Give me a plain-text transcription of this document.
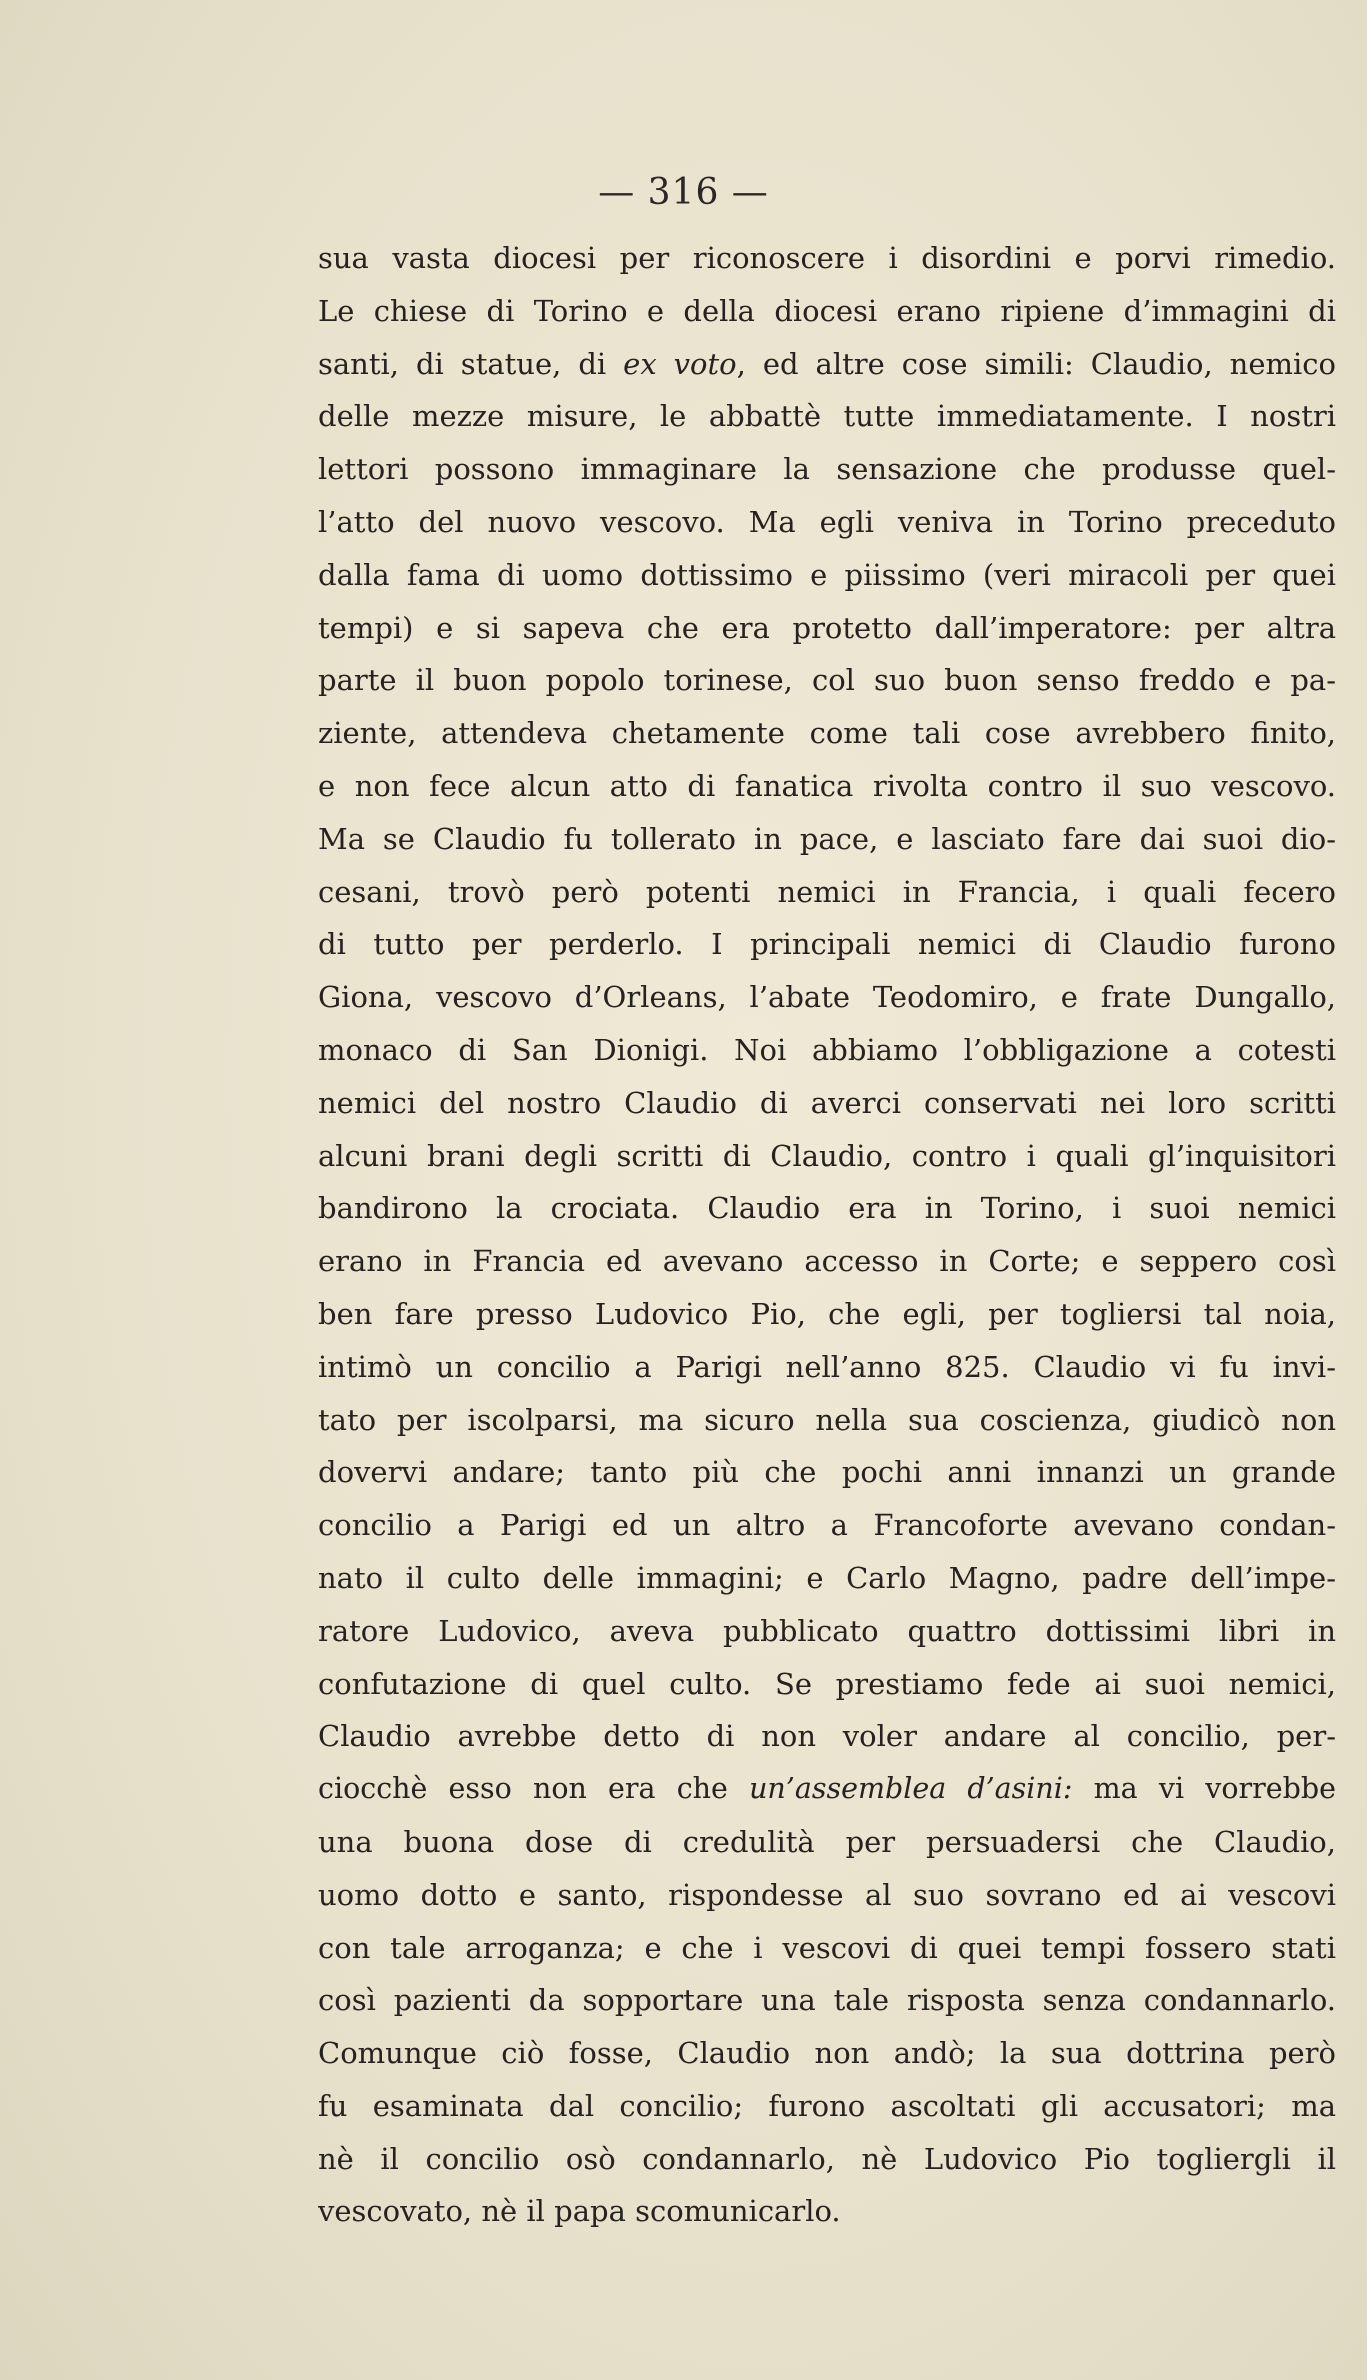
— 316 —
sua vasta diocesi per riconoscere i disordini e porvi rimedio.
Le chiese di Torino e della diocesi erano ripiene d’immagini di
santi, di statue, di ex voto, ed altre cose simili: Claudio, nemico
delle mezze misure, le abbattè tutte immediatamente. I nostri
lettori possono immaginare la sensazione che produsse quel-
l’atto del nuovo vescovo. Ma egli veniva in Torino preceduto
dalla fama di uomo dottissimo e piissimo (veri miracoli per quei
tempi) e si sapeva che era protetto dall’imperatore: per altra
parte il buon popolo torinese, col suo buon senso freddo e pa-
ziente, attendeva chetamente come tali cose avrebbero finito,
e non fece alcun atto di fanatica rivolta contro il suo vescovo.
Ma se Claudio fu tollerato in pace, e lasciato fare dai suoi dio-
cesani, trovò però potenti nemici in Francia, i quali fecero
di tutto per perderlo. I principali nemici di Claudio furono
Giona, vescovo d’Orleans, l’abate Teodomiro, e frate Dungallo,
monaco di San Dionigi. Noi abbiamo l’obbligazione a cotesti
nemici del nostro Claudio di averci conservati nei loro scritti
alcuni brani degli scritti di Claudio, contro i quali gl’inquisitori
bandirono la crociata. Claudio era in Torino, i suoi nemici
erano in Francia ed avevano accesso in Corte; e seppero così
ben fare presso Ludovico Pio, che egli, per togliersi tal noia,
intimò un concilio a Parigi nell’anno 825. Claudio vi fu invi-
tato per iscolparsi, ma sicuro nella sua coscienza, giudicò non
dovervi andare; tanto più che pochi anni innanzi un grande
concilio a Parigi ed un altro a Francoforte avevano condan-
nato il culto delle immagini; e Carlo Magno, padre dell’impe-
ratore Ludovico, aveva pubblicato quattro dottissimi libri in
confutazione di quel culto. Se prestiamo fede ai suoi nemici,
Claudio avrebbe detto di non voler andare al concilio, per-
ciocchè esso non era che un’assemblea d’asini: ma vi vorrebbe
una buona dose di credulità per persuadersi che Claudio,
uomo dotto e santo, rispondesse al suo sovrano ed ai vescovi
con tale arroganza; e che i vescovi di quei tempi fossero stati
così pazienti da sopportare una tale risposta senza condannarlo.
Comunque ciò fosse, Claudio non andò; la sua dottrina però
fu esaminata dal concilio; furono ascoltati gli accusatori; ma
nè il concilio osò condannarlo, nè Ludovico Pio togliergli il
vescovato, nè il papa scomunicarlo.
